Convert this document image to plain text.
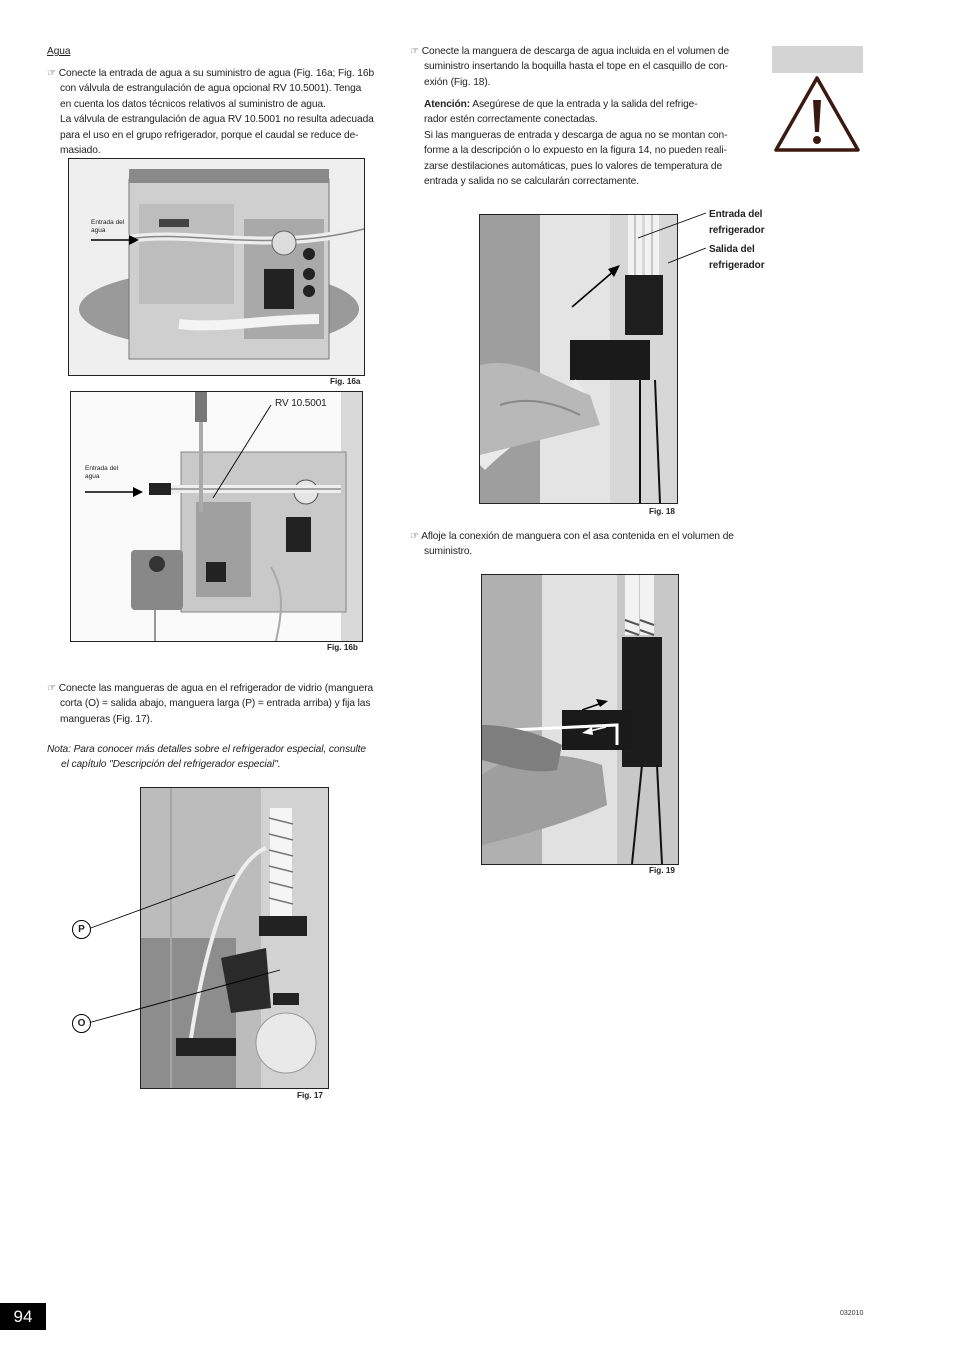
Agua
☞ Conecte la entrada de agua a su suministro de agua (Fig. 16a; Fig. 16b
con válvula de estrangulación de agua opcional RV 10.5001). Tenga
en cuenta los datos técnicos relativos al suministro de agua.
La válvula de estrangulación de agua RV 10.5001 no resulta adecuada
para el uso en el grupo refrigerador, porque el caudal se reduce de-
masiado.
Entrada del agua
Fig. 16a
RV 10.5001
Entrada del agua
Fig. 16b
☞ Conecte las mangueras de agua en el refrigerador de vidrio (manguera
corta (O) = salida abajo, manguera larga (P) = entrada arriba) y fija las
mangueras (Fig. 17).
Nota: Para conocer más detalles sobre el refrigerador especial, consulte
el capítulo "Descripción del refrigerador especial".
P
O
Fig. 17
☞ Conecte la manguera de descarga de agua incluida en el volumen de
suministro insertando la boquilla hasta el tope en el casquillo de con-
exión (Fig. 18).
Atención: Asegúrese de que la entrada y la salida del refrige-
rador estén correctamente conectadas.
Si las mangueras de entrada y descarga de agua no se montan con-
forme a la descripción o lo expuesto en la figura 14, no pueden reali-
zarse destilaciones automáticas, pues lo valores de temperatura de
entrada y salida no se calcularán correctamente.
Entrada del refrigerador
Salida del refrigerador
Fig. 18
☞ Afloje la conexión de manguera con el asa contenida en el volumen de
suministro.
Fig. 19
94	032010
